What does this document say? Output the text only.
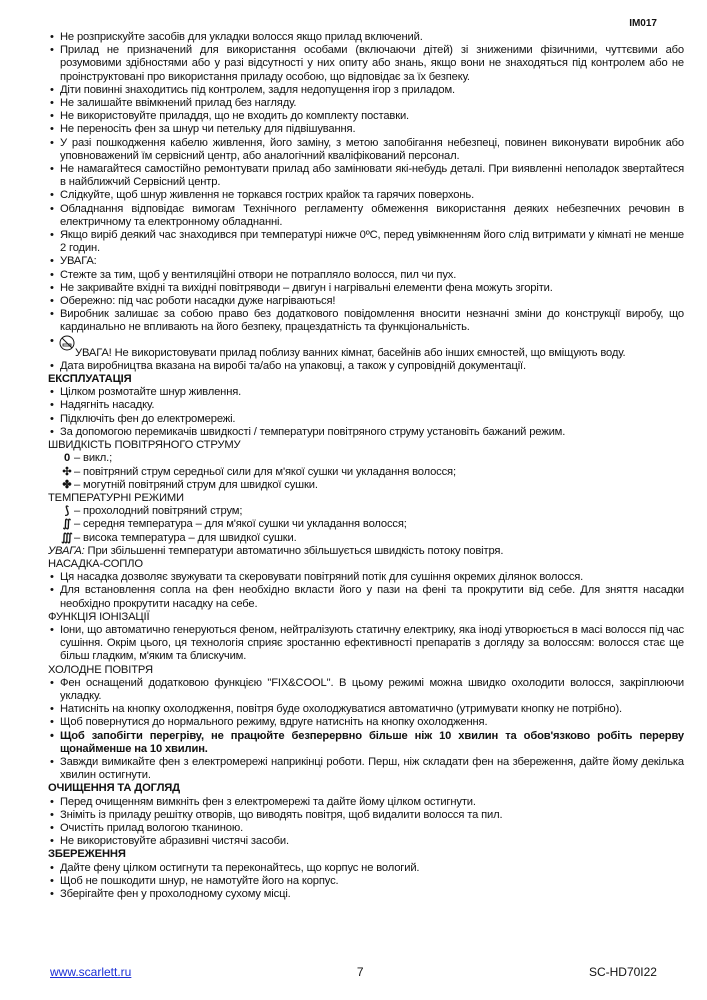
IM017
• Не розприскуйте засобів для укладки волосся якщо прилад включений.
• Прилад не призначений для використання особами (включаючи дітей) зі зниженими фізичними, чуттєвими або розумовими здібностями або у разі відсутності у них опиту або знань, якщо вони не знаходяться під контролем або не проінструктовані про використання приладу особою, що відповідає за їх безпеку.
• Діти повинні знаходитись під контролем, задля недопущення ігор з приладом.
• Не залишайте ввімкнений прилад без нагляду.
• Не використовуйте приладдя, що не входить до комплекту поставки.
• Не переносіть фен за шнур чи петельку для підвішування.
• У разі пошкодження кабелю живлення, його заміну, з метою запобігання небезпеці, повинен виконувати виробник або уповноважений їм сервісний центр, або аналогічний кваліфікований персонал.
• Не намагайтеся самостійно ремонтувати прилад або замінювати які-небудь деталі. При виявленні неполадок звертайтеся в найближчий Сервісний центр.
• Слідкуйте, щоб шнур живлення не торкався гострих крайок та гарячих поверхонь.
• Обладнання відповідає вимогам Технічного регламенту обмеження використання деяких небезпечних речовин в електричному та електронному обладнанні.
• Якщо виріб деякий час знаходився при температурі нижче 0ºC, перед увімкненням його слід витримати у кімнаті не менше 2 годин.
• УВАГА:
• Стежте за тим, щоб у вентиляційні отвори не потрапляло волосся, пил чи пух.
• Не закривайте вхідні та вихідні повітряводи – двигун і нагрівальні елементи фена можуть згоріти.
• Обережно: під час роботи насадки дуже нагріваються!
• Виробник залишає за собою право без додаткового повідомлення вносити незначні зміни до конструкції виробу, що кардинально не впливають на його безпеку, працездатність та функціональність.
• УВАГА! Не використовувати прилад поблизу ванних кімнат, басейнів або інших ємностей, що вміщують воду.
• Дата виробництва вказана на виробі та/або на упаковці, а також у супровідній документації.
ЕКСПЛУАТАЦІЯ
• Цілком розмотайте шнур живлення.
• Надягніть насадку.
• Підключіть фен до електромережі.
• За допомогою перемикачів швидкості / температури повітряного струму установіть бажаний режим.
ШВИДКІСТЬ ПОВІТРЯНОГО СТРУМУ
0 – викл.;
✣ – повітряний струм середньої сили для м'якої сушки чи укладання волосся;
✤ – могутній повітряний струм для швидкої сушки.
ТЕМПЕРАТУРНІ РЕЖИМИ
⟆ – прохолодний повітряний струм;
∬ – середня температура – для м'якої сушки чи укладання волосся;
∭ – висока температура – для швидкої сушки.
УВАГА: При збільшенні температури автоматично збільшується швидкість потоку повітря.
НАСАДКА-СОПЛО
• Ця насадка дозволяє звужувати та скеровувати повітряний потік для сушіння окремих ділянок волосся.
• Для встановлення сопла на фен необхідно вкласти його у пази на фені та прокрутити від себе. Для зняття насадки необхідно прокрутити насадку на себе.
ФУНКЦІЯ ІОНІЗАЦІЇ
• Іони, що автоматично генеруються феном, нейтралізують статичну електрику, яка іноді утворюється в масі волосся під час сушіння. Окрім цього, ця технологія сприяє зростанню ефективності препаратів з догляду за волоссям: волосся стає ще більш гладким, м'яким та блискучим.
ХОЛОДНЕ ПОВІТРЯ
• Фен оснащений додатковою функцією "FIX&COOL". В цьому режимі можна швидко охолодити волосся, закріплюючи укладку.
• Натисніть на кнопку охолодження, повітря буде охолоджуватися автоматично (утримувати кнопку не потрібно).
• Щоб повернутися до нормального режиму, вдруге натисніть на кнопку охолодження.
• Щоб запобігти перегріву, не працюйте безперервно більше ніж 10 хвилин та обов'язково робіть перерву щонайменше на 10 хвилин.
• Завжди вимикайте фен з електромережі наприкінці роботи. Перш, ніж складати фен на збереження, дайте йому декілька хвилин остигнути.
ОЧИЩЕННЯ ТА ДОГЛЯД
• Перед очищенням вимкніть фен з електромережі та дайте йому цілком остигнути.
• Зніміть із приладу решітку отворів, що виводять повітря, щоб видалити волосся та пил.
• Очистіть прилад вологою тканиною.
• Не використовуйте абразивні чистячі засоби.
ЗБЕРЕЖЕННЯ
• Дайте фену цілком остигнути та переконайтесь, що корпус не вологий.
• Щоб не пошкодити шнур, не намотуйте його на корпус.
• Зберігайте фен у прохолодному сухому місці.
www.scarlett.ru	7	SC-HD70I22
